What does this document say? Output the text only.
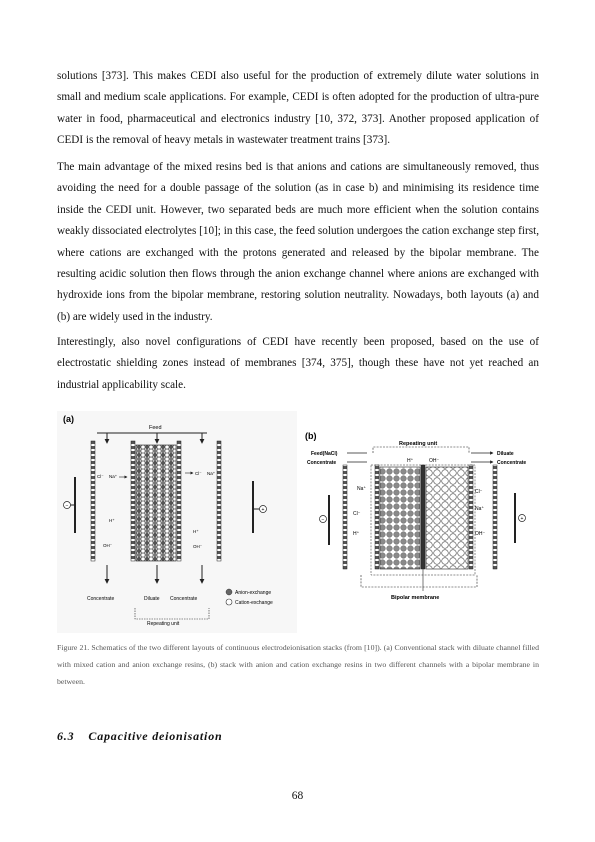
solutions [373]. This makes CEDI also useful for the production of extremely dilute water solutions in small and medium scale applications. For example, CEDI is often adopted for the production of ultra-pure water in food, pharmaceutical and electronics industry [10, 372, 373]. Another proposed application of CEDI is the removal of heavy metals in wastewater treatment trains [373].

The main advantage of the mixed resins bed is that anions and cations are simultaneously removed, thus avoiding the need for a double passage of the solution (as in case b) and minimising its residence time inside the CEDI unit. However, two separated beds are much more efficient when the solution contains weakly dissociated electrolytes [10]; in this case, the feed solution undergoes the cation exchange step first, where cations are exchanged with the protons generated and released by the bipolar membrane. The resulting acidic solution then flows through the anion exchange channel where anions are exchanged with hydroxide ions from the bipolar membrane, restoring solution neutrality. Nowadays, both layouts (a) and (b) are widely used in the industry.

Interestingly, also novel configurations of CEDI have recently been proposed, based on the use of electrostatic shielding zones instead of membranes [374, 375], though these have not yet reached an industrial applicability scale.

(a)
Feed
−
+
Cl⁻ Na⁺
Cl⁻ Na⁺
H⁺
OH⁻
H⁺
OH⁻
Concentrate	Diluate Concentrate
Repeating unit
Anion-exchange
Cation-exchange
(b)
Repeating unit
Feed(NaCl)
Concentrate
Diluate
Concentrate
H⁺	OH⁻
−	+
Na⁺
Cl⁻
H⁺
Cl⁻
Na⁺
OH⁻
Bipolar membrane

Figure 21. Schematics of the two different layouts of continuous electrodeionisation stacks (from [10]). (a) Conventional stack with diluate channel filled with mixed cation and anion exchange resins, (b) stack with anion and cation exchange resins in two different channels with a bipolar membrane in between.

6.3 Capacitive deionisation
68
